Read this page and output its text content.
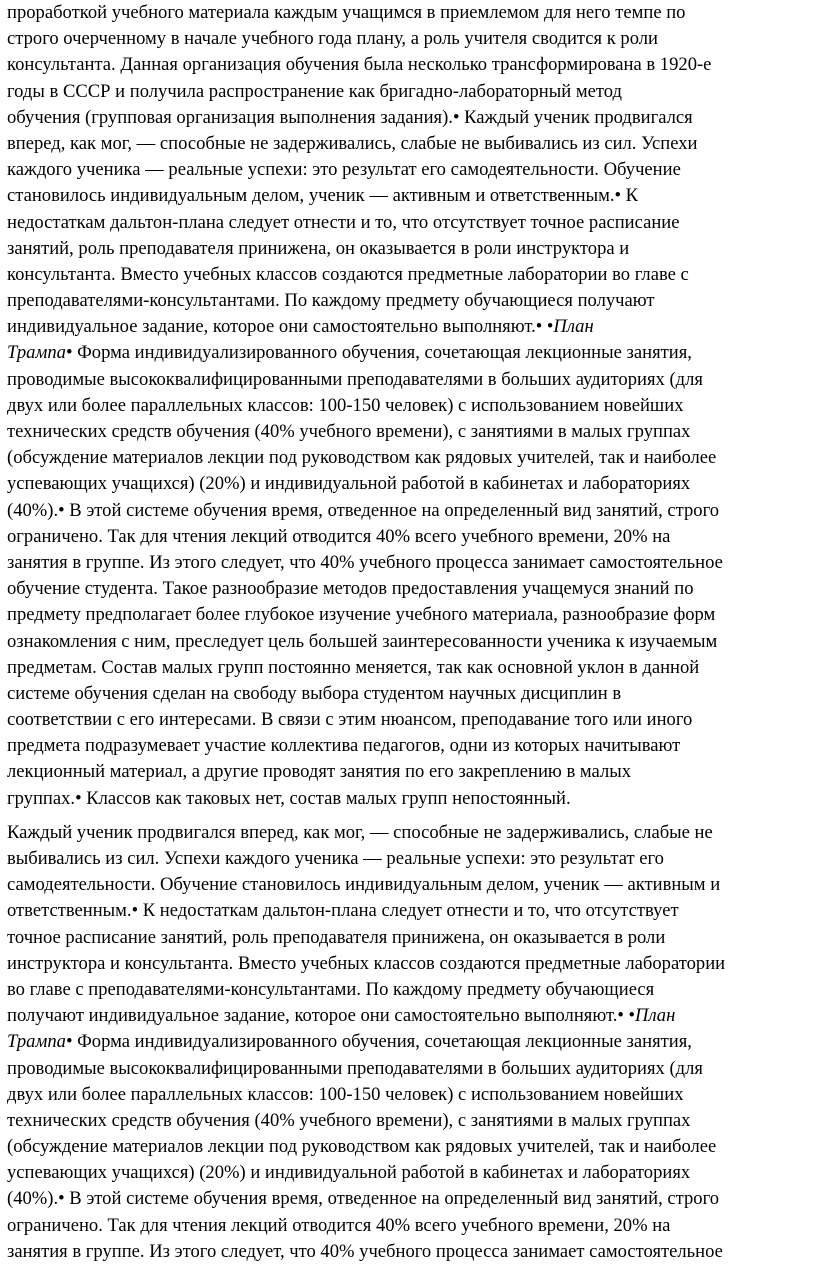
проработкой учебного материала каждым учащимся в приемлемом для него темпе по
строго очерченному в начале учебного года плану, а роль учителя сводится к роли
консультанта. Данная организация обучения была несколько трансформирована в 1920-е
годы в СССР и получила распространение как бригадно-лабораторный метод
обучения (групповая организация выполнения задания).• Каждый ученик продвигался
вперед, как мог, — способные не задерживались, слабые не выбивались из сил. Успехи
каждого ученика — реальные успехи: это результат его самодеятельности. Обучение
становилось индивидуальным делом, ученик — активным и ответственным.• К
недостаткам дальтон-плана следует отнести и то, что отсутствует точное расписание
занятий, роль преподавателя принижена, он оказывается в роли инструктора и
консультанта. Вместо учебных классов создаются предметные лаборатории во главе с
преподавателями-консультантами. По каждому предмету обучающиеся получают
индивидуальное задание, которое они самостоятельно выполняют.• •План
Трампа• Форма индивидуализированного обучения, сочетающая лекционные занятия,
проводимые высококвалифицированными преподавателями в больших аудиториях (для
двух или более параллельных классов: 100-150 человек) с использованием новейших
технических средств обучения (40% учебного времени), с занятиями в малых группах
(обсуждение материалов лекции под руководством как рядовых учителей, так и наиболее
успевающих учащихся) (20%) и индивидуальной работой в кабинетах и лабораториях
(40%).• В этой системе обучения время, отведенное на определенный вид занятий, строго
ограничено. Так для чтения лекций отводится 40% всего учебного времени, 20% на
занятия в группе. Из этого следует, что 40% учебного процесса занимает самостоятельное
обучение студента. Такое разнообразие методов предоставления учащемуся знаний по
предмету предполагает более глубокое изучение учебного материала, разнообразие форм
ознакомления с ним, преследует цель большей заинтересованности ученика к изучаемым
предметам. Состав малых групп постоянно меняется, так как основной уклон в данной
системе обучения сделан на свободу выбора студентом научных дисциплин в
соответствии с его интересами. В связи с этим нюансом, преподавание того или иного
предмета подразумевает участие коллектива педагогов, одни из которых начитывают
лекционный материал, а другие проводят занятия по его закреплению в малых
группах.• Классов как таковых нет, состав малых групп непостоянный.

Каждый ученик продвигался вперед, как мог, — способные не задерживались, слабые не
выбивались из сил. Успехи каждого ученика — реальные успехи: это результат его
самодеятельности. Обучение становилось индивидуальным делом, ученик — активным и
ответственным.• К недостаткам дальтон-плана следует отнести и то, что отсутствует
точное расписание занятий, роль преподавателя принижена, он оказывается в роли
инструктора и консультанта. Вместо учебных классов создаются предметные лаборатории
во главе с преподавателями-консультантами. По каждому предмету обучающиеся
получают индивидуальное задание, которое они самостоятельно выполняют.• •План
Трампа• Форма индивидуализированного обучения, сочетающая лекционные занятия,
проводимые высококвалифицированными преподавателями в больших аудиториях (для
двух или более параллельных классов: 100-150 человек) с использованием новейших
технических средств обучения (40% учебного времени), с занятиями в малых группах
(обсуждение материалов лекции под руководством как рядовых учителей, так и наиболее
успевающих учащихся) (20%) и индивидуальной работой в кабинетах и лабораториях
(40%).• В этой системе обучения время, отведенное на определенный вид занятий, строго
ограничено. Так для чтения лекций отводится 40% всего учебного времени, 20% на
занятия в группе. Из этого следует, что 40% учебного процесса занимает самостоятельное
